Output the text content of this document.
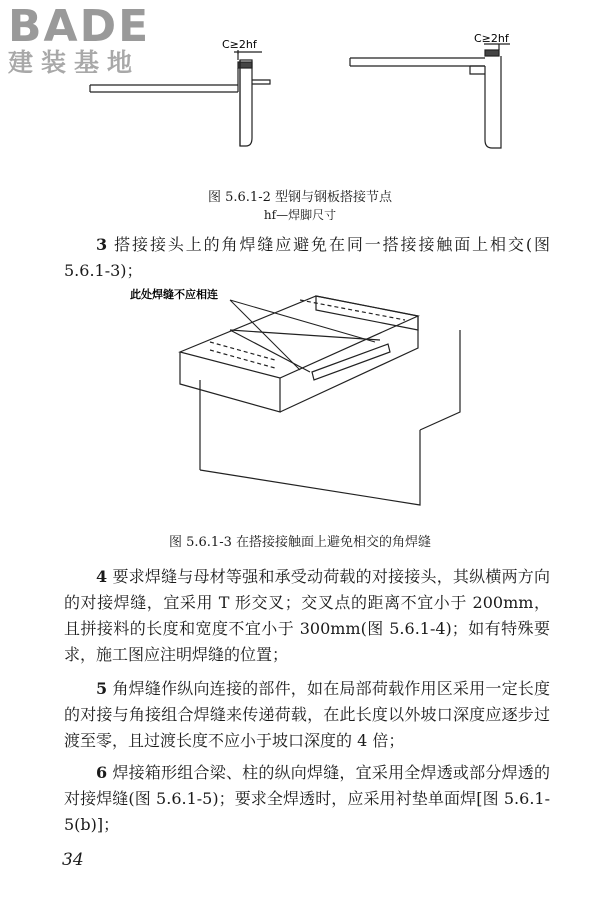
BADE
建装基地
C≥2hf	C≥2hf
图 5.6.1-2 型钢与钢板搭接节点
hf—焊脚尺寸

3 搭接接头上的角焊缝应避免在同一搭接接触面上相交(图 5.6.1-3)；

此处焊缝不应相连
图 5.6.1-3 在搭接接触面上避免相交的角焊缝

4 要求焊缝与母材等强和承受动荷载的对接接头，其纵横两方向的对接焊缝，宜采用 T 形交叉；交叉点的距离不宜小于 200mm，且拼接料的长度和宽度不宜小于 300mm(图 5.6.1-4)；如有特殊要求，施工图应注明焊缝的位置；

5 角焊缝作纵向连接的部件，如在局部荷载作用区采用一定长度的对接与角接组合焊缝来传递荷载，在此长度以外坡口深度应逐步过渡至零，且过渡长度不应小于坡口深度的 4 倍；

6 焊接箱形组合梁、柱的纵向焊缝，宜采用全焊透或部分焊透的对接焊缝(图 5.6.1-5)；要求全焊透时，应采用衬垫单面焊[图 5.6.1-5(b)]；

34
